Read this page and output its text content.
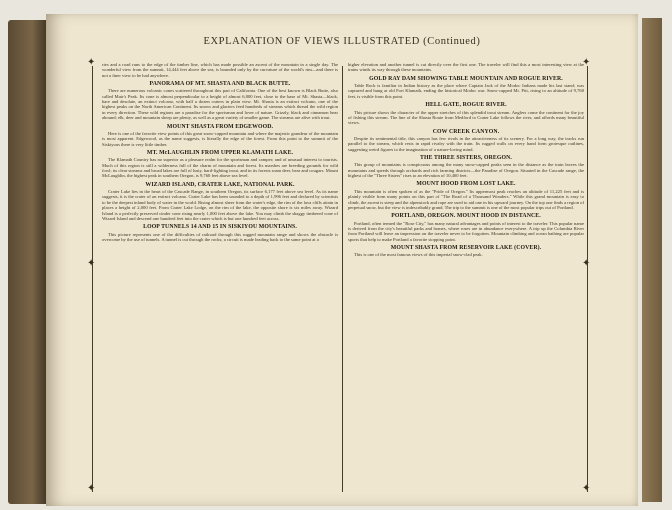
EXPLANATION OF VIEWS ILLUSTRATED (Continued)
✦	✦
✦	✦
✦	✦

ries and a road runs to the edge of the timber line, which has made possible an ascent of the mountain in a single day. The wonderful view from the summit, 14,444 feet above the sea, is bounded only by the curvature of the world's rim—and there is not a finer view to be had anywhere.

PANORAMA OF MT. SHASTA AND BLACK BUTTE.

There are numerous volcanic cones scattered throughout this part of California. One of the best known is Black Butte, also called Muir's Peak. Its cone is almost perpendicular to a height of almost 6,000 feet, close to the base of Mt. Shasta—black, bare and desolate, an extinct volcano, with half a dozen craters in plain view. Mt. Shasta is an extinct volcano, one of the highest peaks on the North American Continent. Its snows and glaciers feed hundreds of streams which thread the wild region in every direction. These wild regions are a paradise for the sportsman and lover of nature. Grizzly, black and cinnamon bear abound; elk, deer and mountain sheep are plenty, as well as a great variety of smaller game. The streams are alive with trout.

MOUNT SHASTA FROM EDGEWOOD.

Here is one of the favorite view points of this great snow-capped mountain and where the majestic grandeur of the mountain is most apparent. Edgewood, as the name suggests, is literally the edge of the forest. From this point to the summit of the Siskiyous there is very little timber.

MT. McLAUGHLIN FROM UPPER KLAMATH LAKE.

The Klamath Country has no superior as a pleasure realm for the sportsman and camper; and of unusual interest to tourists. Much of this region is still a wilderness full of the charm of mountain and forest. Its marshes are breeding grounds for wild fowl; its clear streams and broad lakes are full of lusty, hard-fighting trout, and in its forests roam deer, bear and cougars. Mount McLaughlin, the highest peak in southern Oregon, is 9,760 feet above sea level.

WIZARD ISLAND, CRATER LAKE, NATIONAL PARK.

Crater Lake lies in the heart of the Cascade Range, in southern Oregon, its surface 6,177 feet above sea level. As its name suggests, it is the crater of an extinct volcano. Crater Lake has been sounded to a depth of 1,996 feet and declared by scientists to be the deepest inland body of water in the world. Rising almost sheer from the water's edge, the rim of the lava cliffs attain in places a height of 2,000 feet. From Crater Lake Lodge, on the rim of the lake, the opposite shore is six miles away. Wizard Island is a perfectly preserved cinder cone rising nearly 1,000 feet above the lake. You may climb the shaggy timbered cone of Wizard Island and descend one hundred feet into the crater which is but one hundred feet across.

LOOP TUNNELS 14 AND 15 IN SISKIYOU MOUNTAINS.

This picture represents one of the difficulties of railroad through this rugged mountain range and shows the obstacle is overcome by the use of tunnels. A tunnel is cut through the rocks; a circuit is made leading back to the same point at a

higher elevation and another tunnel is cut directly over the first one. The traveler will find this a most interesting view at the trains winds its way through these mountains.

GOLD RAY DAM SHOWING TABLE MOUNTAIN AND ROGUE RIVER.

Table Rock is familiar in Indian history as the place where Captain Jack of the Modoc Indians made his last stand; was captured and hung at old Fort Klamath, ending the historical Modoc war. Snow-capped Mt. Pitt, rising to an altitude of 9,760 feet, is visible from this point.

HELL GATE, ROGUE RIVER.

This picture shows the character of the upper stretches of this splendid trout stream. Anglers come the continent for the joy of fishing this stream. The line of the Shasta Route from Medford to Crater Lake follows the river, and affords many beautiful views.

COW CREEK CANYON.

Despite its sentimental title, this canyon has few rivals in the attractiveness of its scenery. For a long way, the tracks run parallel to the stream, which rests in rapid rivalry with the train. Its rugged walls on every hand form grotesque outlines, suggesting weird figures to the imagination of a nature-loving mind.

THE THREE SISTERS, OREGON.

This group of mountains is conspicuous among the many snow-capped peaks seen in the distance as the train leaves the mountains and speeds through orchards and rich farming districts—the Paradise of Oregon. Situated in the Cascade range, the highest of the "Three Sisters" rises to an elevation of 10,400 feet.

MOUNT HOOD FROM LOST LAKE.

This mountain is often spoken of as the "Pride of Oregon." Its uppermost peak reaches an altitude of 11,225 feet and is plainly visible from many points on this part of "The Road of a Thousand Wonders." While this grand mountain is easy to climb, the ascent is steep and the alpenstock and rope are used to aid one in his upward journey. On the top one finds a region of perpetual snow, but the view is indescribably grand. The trip to the summit is one of the most popular trips out of Portland.

PORTLAND, OREGON. MOUNT HOOD IN DISTANCE.

Portland, often termed the "Rose City," has many natural advantages and points of interest to the traveler. This popular name is derived from the city's beautiful parks and homes, where roses are in abundance everywhere. A trip up the Columbia River from Portland will leave an impression on the traveler never to be forgotten. Mountain climbing and ocean bathing are popular sports that help to make Portland a favorite stopping point.

MOUNT SHASTA FROM RESERVOIR LAKE (COVER).

This is one of the most famous views of this imperial snow-clad peak.
